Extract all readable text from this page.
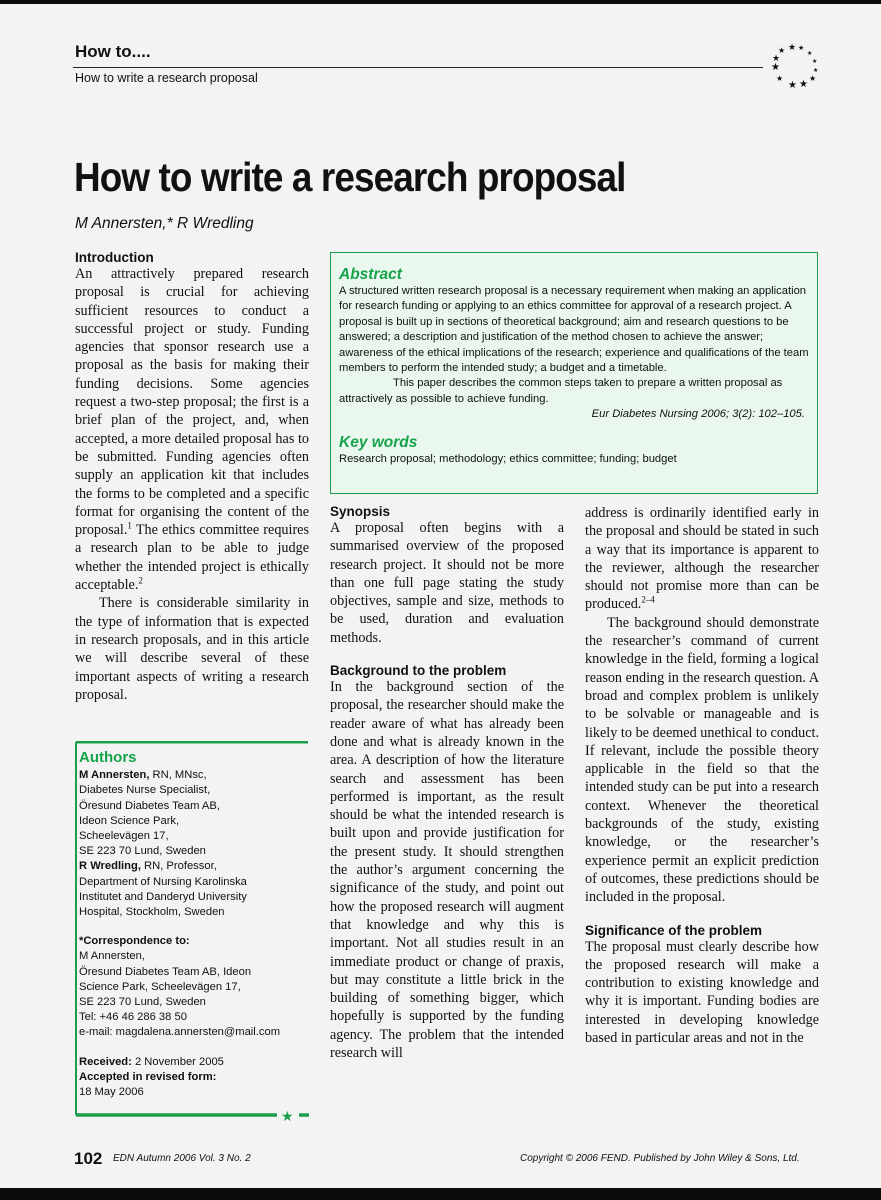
How to....
How to write a research proposal
★ ★
★
★
★
★
★
★
★
★
★
★
How to write a research proposal
M Annersten,* R Wredling
Introduction

An attractively prepared research proposal is crucial for achieving sufficient resources to conduct a successful project or study. Funding agencies that sponsor research use a proposal as the basis for making their funding decisions. Some agencies request a two-step proposal; the first is a brief plan of the project, and, when accepted, a more detailed proposal has to be submitted. Funding agencies often supply an application kit that includes the forms to be completed and a specific format for organising the content of the proposal.$^1$ The ethics committee requires a research plan to be able to judge whether the intended project is ethically acceptable.$^2$

There is considerable similarity in the type of information that is expected in research proposals, and in this article we will describe several of these important aspects of writing a research proposal.

Abstract

A structured written research proposal is a necessary requirement when making an application for research funding or applying to an ethics committee for approval of a research project. A proposal is built up in sections of theoretical background; aim and research questions to be answered; a description and justification of the method chosen to achieve the answer; awareness of the ethical implications of the research; experience and qualifications of the team members to perform the intended study; a budget and a timetable.

This paper describes the common steps taken to prepare a written proposal as attractively as possible to achieve funding.

Eur Diabetes Nursing 2006; 3(2): 102–105.

Key words

Research proposal; methodology; ethics committee; funding; budget

★
Authors
M Annersten, RN, MNsc,
Diabetes Nurse Specialist,
Öresund Diabetes Team AB,
Ideon Science Park,
Scheelevägen 17,
SE 223 70 Lund, Sweden
R Wredling, RN, Professor,
Department of Nursing Karolinska
Institutet and Danderyd University
Hospital, Stockholm, Sweden
*Correspondence to:
M Annersten,
Öresund Diabetes Team AB, Ideon
Science Park, Scheelevägen 17,
SE 223 70 Lund, Sweden
Tel: +46 46 286 38 50
e-mail: magdalena.annersten@mail.com
Received: 2 November 2005
Accepted in revised form:
18 May 2006
Synopsis

A proposal often begins with a summarised overview of the proposed research project. It should not be more than one full page stating the study objectives, sample and size, methods to be used, duration and evaluation methods.

Background to the problem

In the background section of the proposal, the researcher should make the reader aware of what has already been done and what is already known in the area. A description of how the literature search and assessment has been performed is important, as the result should be what the intended research is built upon and provide justification for the present study. It should strengthen the author’s argument concerning the significance of the study, and point out how the proposed research will augment that knowledge and why this is important. Not all studies result in an immediate product or change of praxis, but may constitute a little brick in the building of something bigger, which hopefully is supported by the funding agency. The problem that the intended research will

address is ordinarily identified early in the proposal and should be stated in such a way that its importance is apparent to the reviewer, although the researcher should not promise more than can be produced.$^{2-4}$

The background should demonstrate the researcher’s command of current knowledge in the field, forming a logical reason ending in the research question. A broad and complex problem is unlikely to be solvable or manageable and is likely to be deemed unethical to conduct. If relevant, include the possible theory applicable in the field so that the intended study can be put into a research context. Whenever the theoretical backgrounds of the study, existing knowledge, or the researcher’s experience permit an explicit prediction of outcomes, these predictions should be included in the proposal.

Significance of the problem

The proposal must clearly describe how the proposed research will make a contribution to existing knowledge and why it is important. Funding bodies are interested in developing knowledge based in particular areas and not in the

102 EDN Autumn 2006 Vol. 3 No. 2	Copyright © 2006 FEND. Published by John Wiley & Sons, Ltd.
